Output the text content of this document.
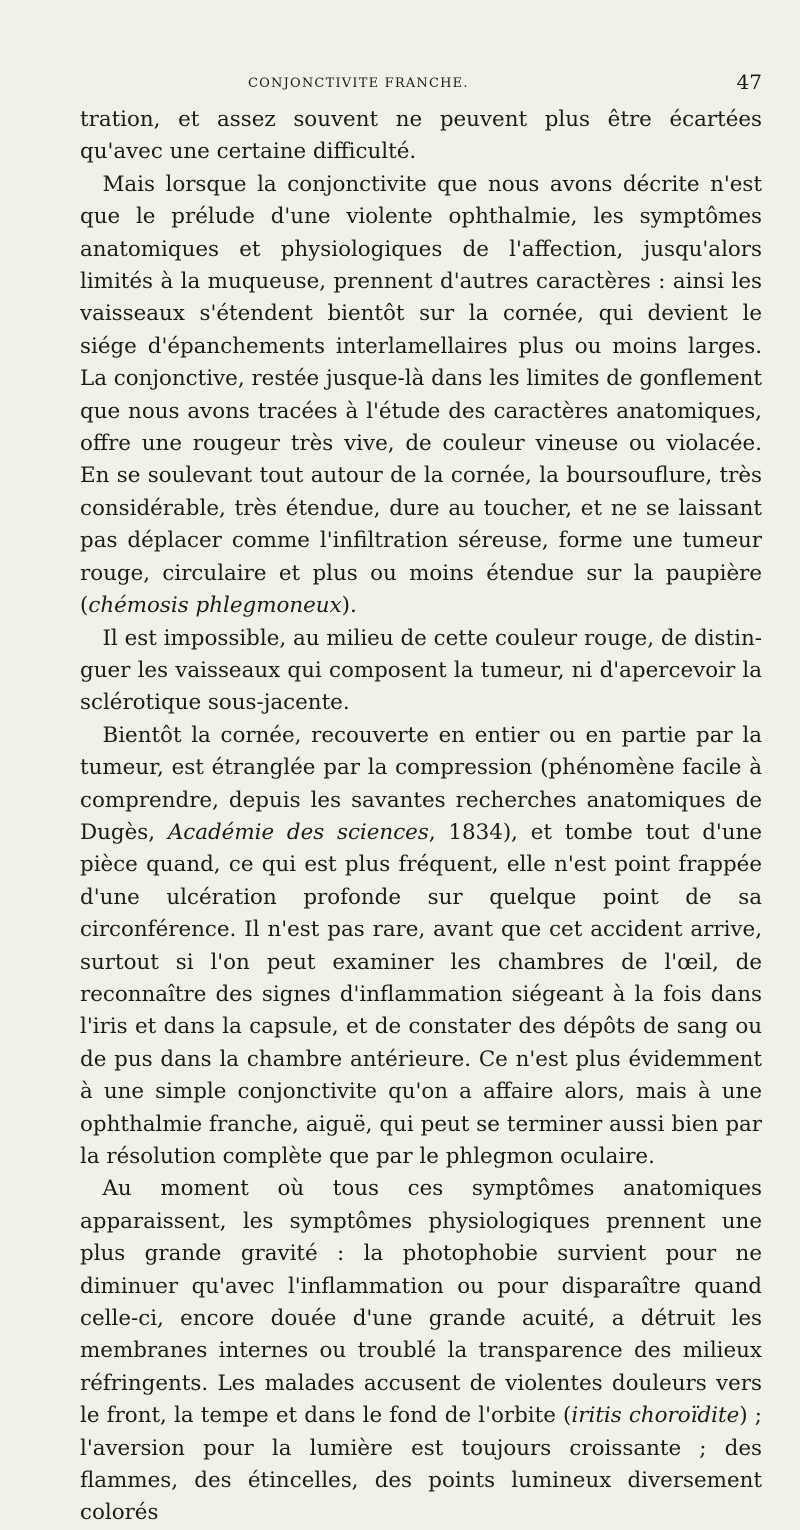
CONJONCTIVITE FRANCHE.	47

tration, et assez souvent ne peuvent plus être écartées qu'avec une certaine difficulté.

Mais lorsque la conjonctivite que nous avons décrite n'est que le prélude d'une violente ophthalmie, les symptômes anatomiques et physiologiques de l'affection, jusqu'alors limités à la muqueuse, prennent d'autres caractères : ainsi les vaisseaux s'étendent bientôt sur la cornée, qui devient le siége d'épanchements interlamellaires plus ou moins larges. La conjonctive, restée jusque-là dans les limites de gonflement que nous avons tracées à l'étude des caractères anatomiques, offre une rougeur très vive, de couleur vineuse ou violacée. En se soulevant tout autour de la cornée, la boursouflure, très considérable, très étendue, dure au toucher, et ne se laissant pas déplacer comme l'infiltration séreuse, forme une tumeur rouge, circulaire et plus ou moins étendue sur la paupière (chémosis phlegmoneux).

Il est impossible, au milieu de cette couleur rouge, de distinguer les vaisseaux qui composent la tumeur, ni d'apercevoir la sclérotique sous-jacente.

Bientôt la cornée, recouverte en entier ou en partie par la tumeur, est étranglée par la compression (phénomène facile à comprendre, depuis les savantes recherches anatomiques de Dugès, Académie des sciences, 1834), et tombe tout d'une pièce quand, ce qui est plus fréquent, elle n'est point frappée d'une ulcération profonde sur quelque point de sa circonférence. Il n'est pas rare, avant que cet accident arrive, surtout si l'on peut examiner les chambres de l'œil, de reconnaître des signes d'inflammation siégeant à la fois dans l'iris et dans la capsule, et de constater des dépôts de sang ou de pus dans la chambre antérieure. Ce n'est plus évidemment à une simple conjonctivite qu'on a affaire alors, mais à une ophthalmie franche, aiguë, qui peut se terminer aussi bien par la résolution complète que par le phlegmon oculaire.

Au moment où tous ces symptômes anatomiques apparaissent, les symptômes physiologiques prennent une plus grande gravité : la photophobie survient pour ne diminuer qu'avec l'inflammation ou pour disparaître quand celle-ci, encore douée d'une grande acuité, a détruit les membranes internes ou troublé la transparence des milieux réfringents. Les malades accusent de violentes douleurs vers le front, la tempe et dans le fond de l'orbite (iritis choroïdite) ; l'aversion pour la lumière est toujours croissante ; des flammes, des étincelles, des points lumineux diversement colorés
